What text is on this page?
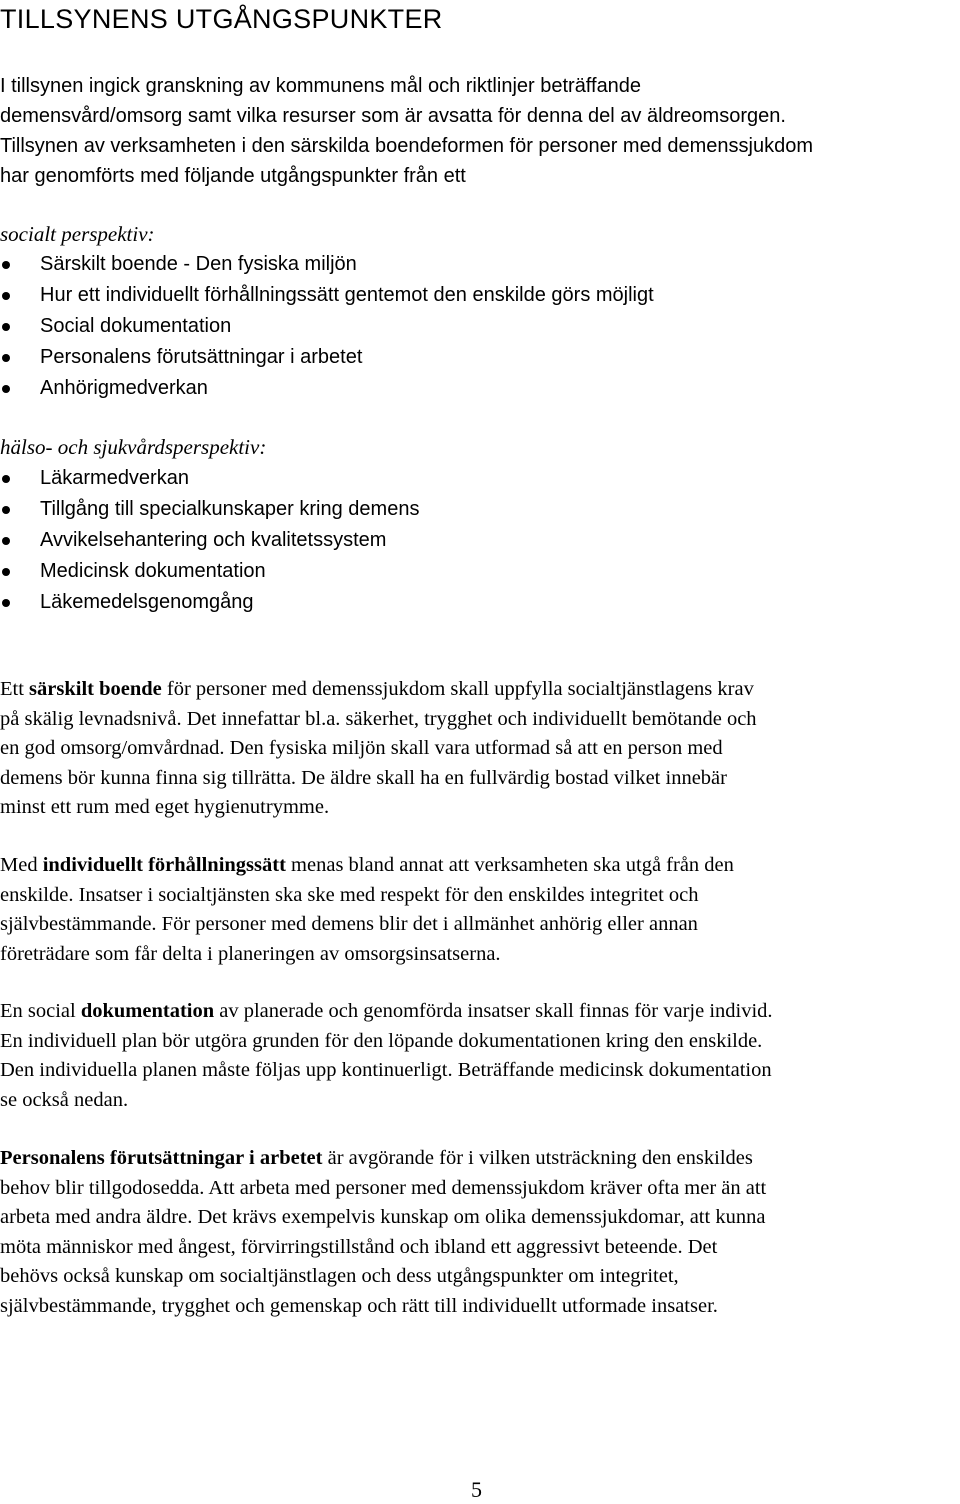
TILLSYNENS UTGÅNGSPUNKTER

I tillsynen ingick granskning av kommunens mål och riktlinjer beträffande
demensvård/omsorg samt vilka resurser som är avsatta för denna del av äldreomsorgen.
Tillsynen av verksamheten i den särskilda boendeformen för personer med demenssjukdom
har genomförts med följande utgångspunkter från ett

socialt perspektiv:

Särskilt boende - Den fysiska miljön
Hur ett individuellt förhållningssätt gentemot den enskilde görs möjligt
Social dokumentation
Personalens förutsättningar i arbetet
Anhörigmedverkan

hälso- och sjukvårdsperspektiv:

Läkarmedverkan
Tillgång till specialkunskaper kring demens
Avvikelsehantering och kvalitetssystem
Medicinsk dokumentation
Läkemedelsgenomgång

Ett särskilt boende för personer med demenssjukdom skall uppfylla socialtjänstlagens krav
på skälig levnadsnivå. Det innefattar bl.a. säkerhet, trygghet och individuellt bemötande och
en god omsorg/omvårdnad. Den fysiska miljön skall vara utformad så att en person med
demens bör kunna finna sig tillrätta. De äldre skall ha en fullvärdig bostad vilket innebär
minst ett rum med eget hygienutrymme.

Med individuellt förhållningssätt menas bland annat att verksamheten ska utgå från den
enskilde. Insatser i socialtjänsten ska ske med respekt för den enskildes integritet och
självbestämmande. För personer med demens blir det i allmänhet anhörig eller annan
företrädare som får delta i planeringen av omsorgsinsatserna.

En social dokumentation av planerade och genomförda insatser skall finnas för varje individ.
En individuell plan bör utgöra grunden för den löpande dokumentationen kring den enskilde.
Den individuella planen måste följas upp kontinuerligt. Beträffande medicinsk dokumentation
se också nedan.

Personalens förutsättningar i arbetet är avgörande för i vilken utsträckning den enskildes
behov blir tillgodosedda. Att arbeta med personer med demenssjukdom kräver ofta mer än att
arbeta med andra äldre. Det krävs exempelvis kunskap om olika demenssjukdomar, att kunna
möta människor med ångest, förvirringstillstånd och ibland ett aggressivt beteende. Det
behövs också kunskap om socialtjänstlagen och dess utgångspunkter om integritet,
självbestämmande, trygghet och gemenskap och rätt till individuellt utformade insatser.

5
